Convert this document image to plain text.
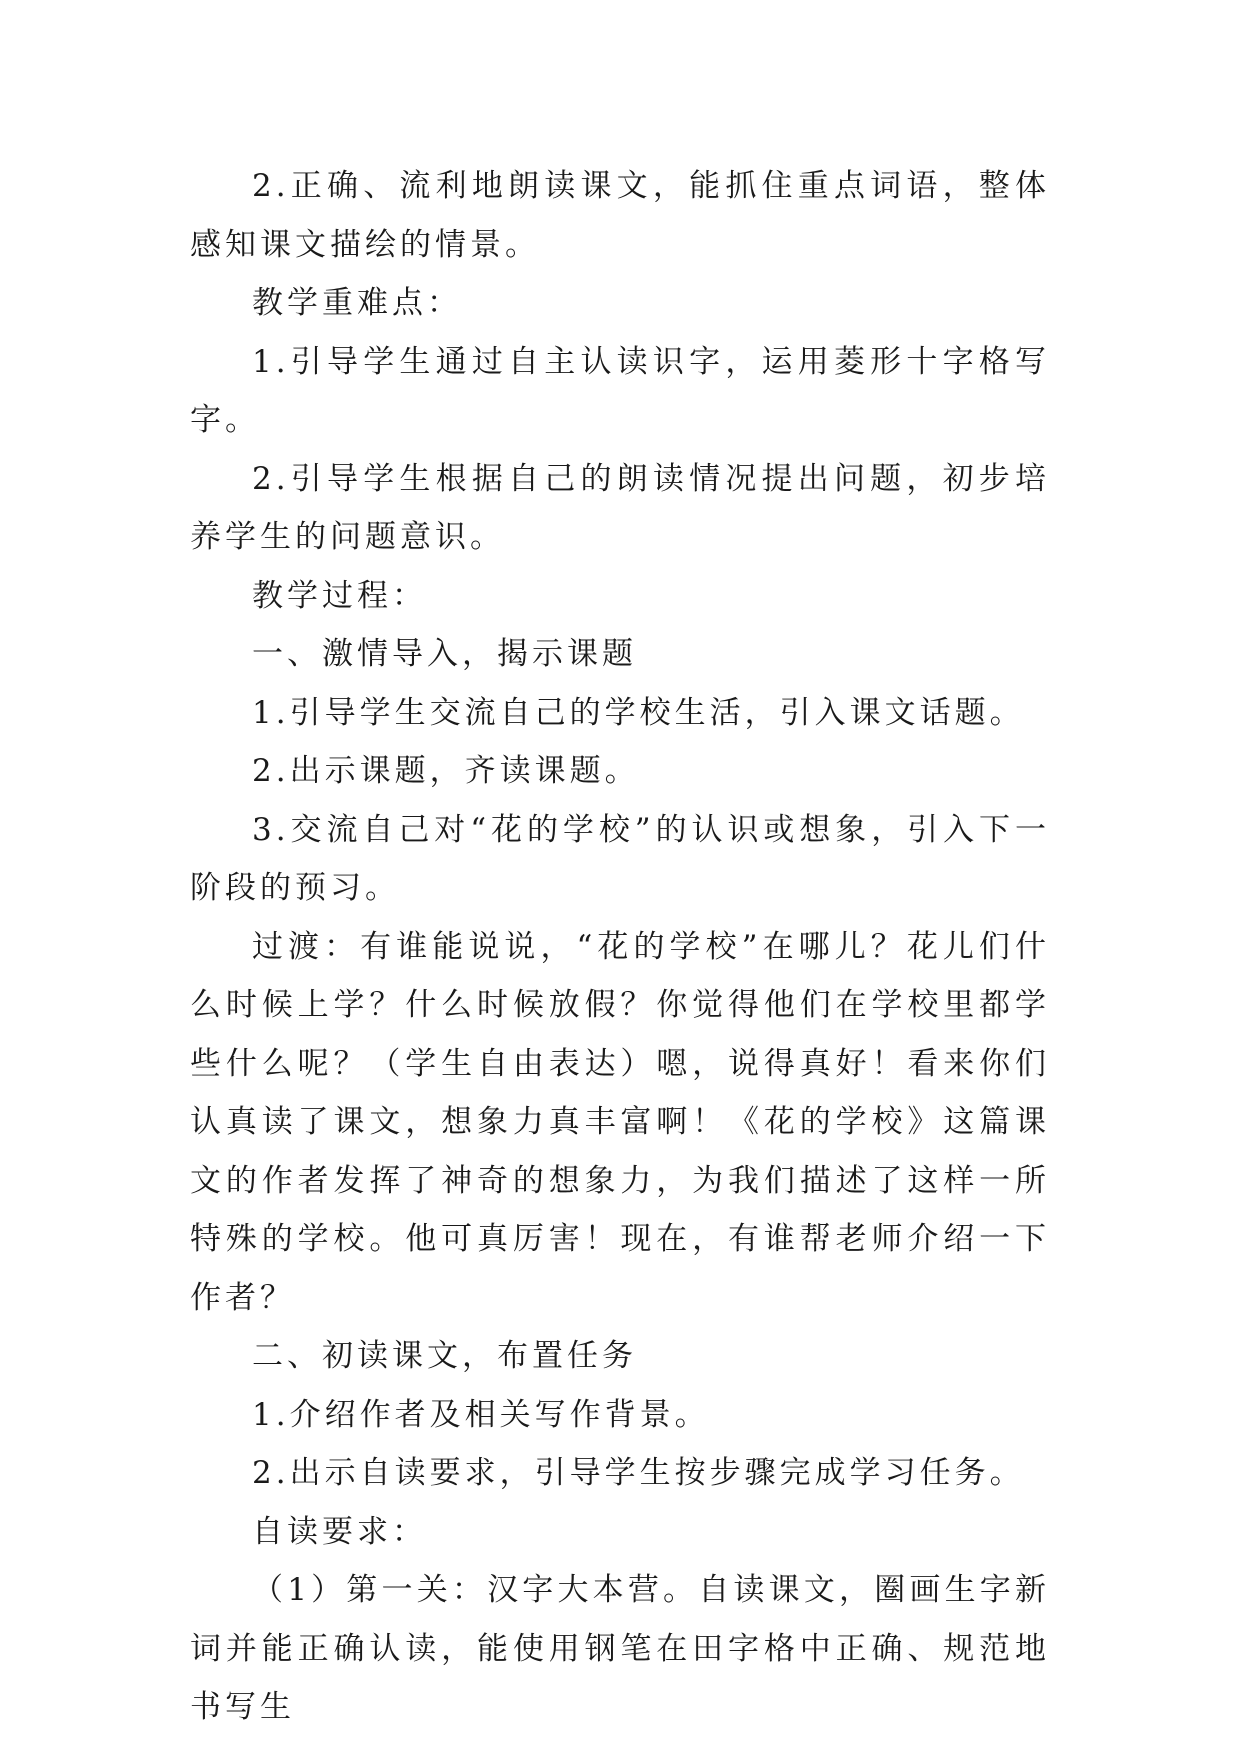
2.正确、流利地朗读课文，能抓住重点词语，整体感知课文描绘的情景。

教学重难点：

1.引导学生通过自主认读识字，运用菱形十字格写字。

2.引导学生根据自己的朗读情况提出问题，初步培养学生的问题意识。

教学过程：

一、激情导入，揭示课题

1.引导学生交流自己的学校生活，引入课文话题。

2.出示课题，齐读课题。

3.交流自己对“花的学校”的认识或想象，引入下一阶段的预习。

过渡：有谁能说说，“花的学校”在哪儿？花儿们什么时候上学？什么时候放假？你觉得他们在学校里都学些什么呢？（学生自由表达）嗯，说得真好！看来你们认真读了课文，想象力真丰富啊！《花的学校》这篇课文的作者发挥了神奇的想象力，为我们描述了这样一所特殊的学校。他可真厉害！现在，有谁帮老师介绍一下作者？

二、初读课文，布置任务

1.介绍作者及相关写作背景。

2.出示自读要求，引导学生按步骤完成学习任务。

自读要求：

（1）第一关：汉字大本营。自读课文，圈画生字新词并能正确认读，能使用钢笔在田字格中正确、规范地书写生
